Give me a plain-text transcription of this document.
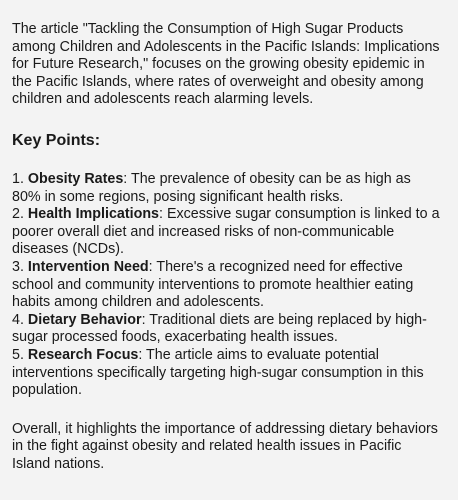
The article "Tackling the Consumption of High Sugar Products among Children and Adolescents in the Pacific Islands: Implications for Future Research," focuses on the growing obesity epidemic in the Pacific Islands, where rates of overweight and obesity among children and adolescents reach alarming levels.

Key Points:
1. Obesity Rates: The prevalence of obesity can be as high as 80% in some regions, posing significant health risks.
2. Health Implications: Excessive sugar consumption is linked to a poorer overall diet and increased risks of non-communicable diseases (NCDs).
3. Intervention Need: There's a recognized need for effective school and community interventions to promote healthier eating habits among children and adolescents.
4. Dietary Behavior: Traditional diets are being replaced by high-sugar processed foods, exacerbating health issues.
5. Research Focus: The article aims to evaluate potential interventions specifically targeting high-sugar consumption in this population.

Overall, it highlights the importance of addressing dietary behaviors in the fight against obesity and related health issues in Pacific Island nations.
